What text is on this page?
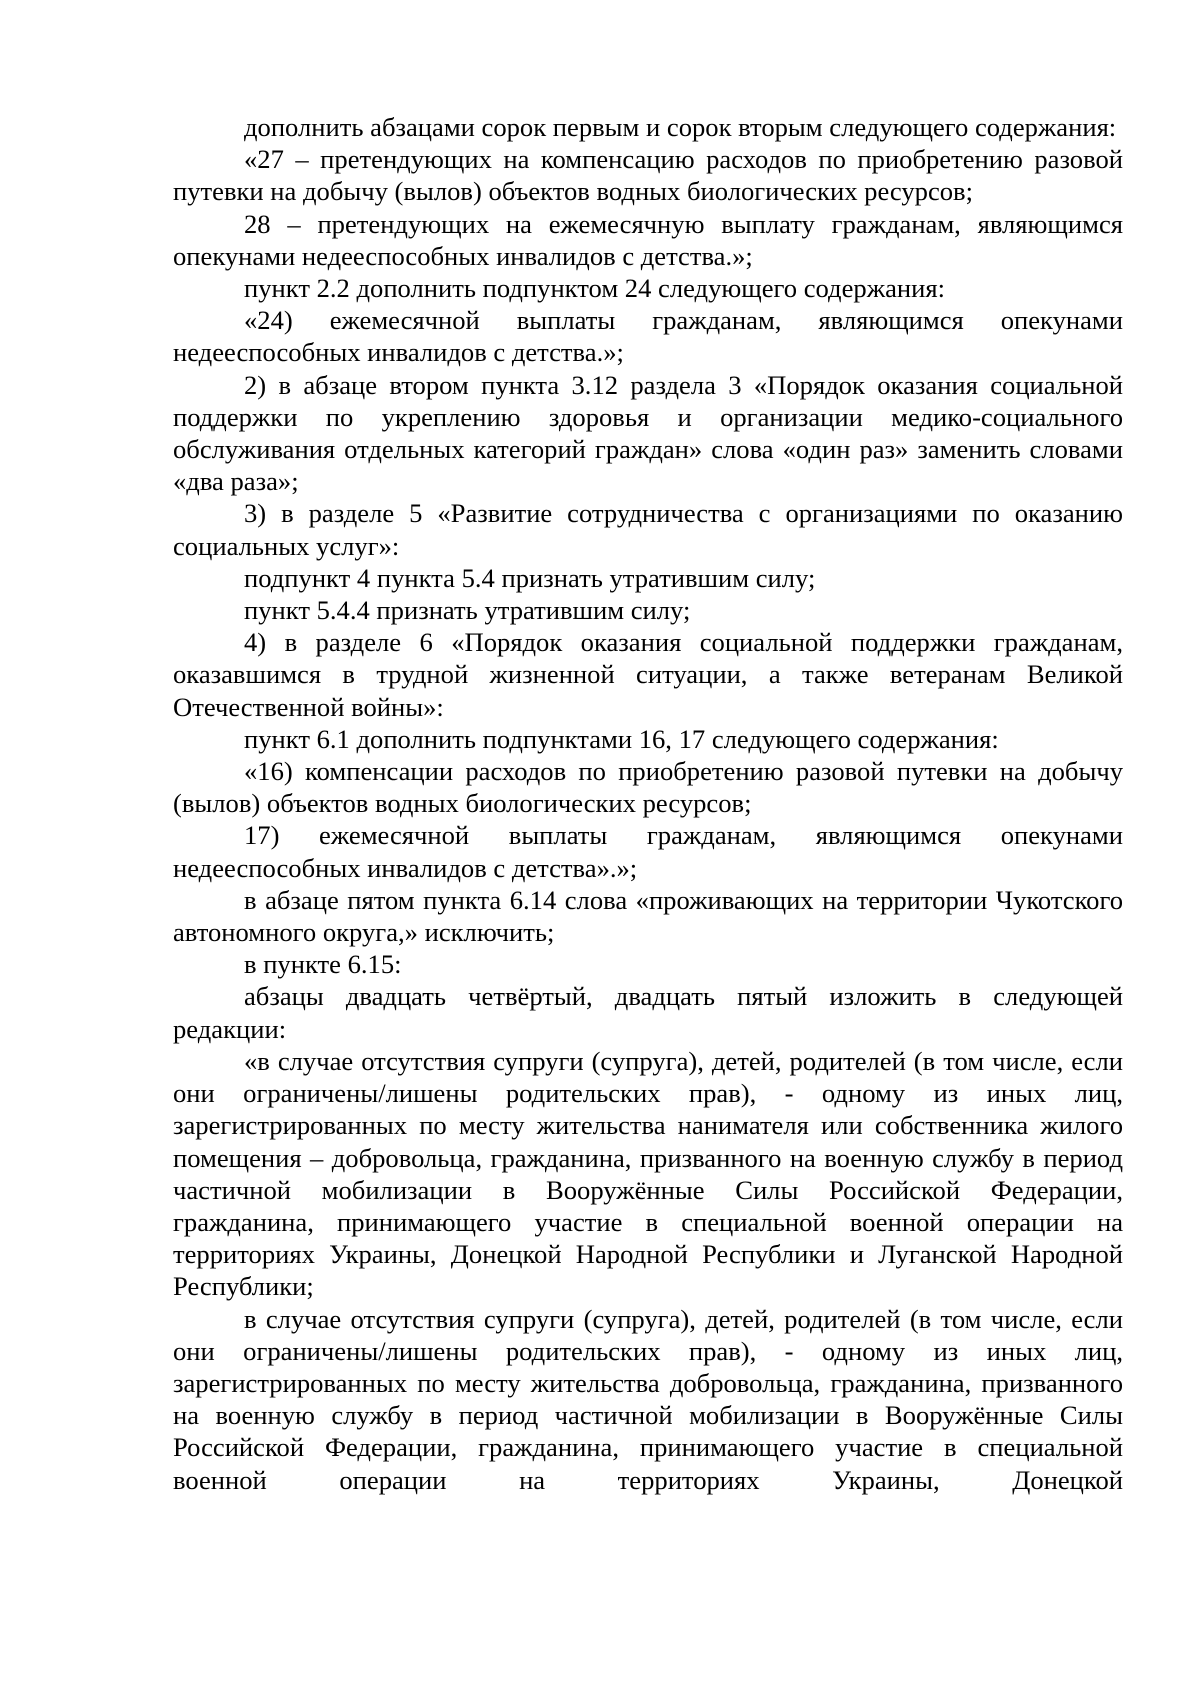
дополнить абзацами сорок первым и сорок вторым следующего содержания:

«27 – претендующих на компенсацию расходов по приобретению разовой путевки на добычу (вылов) объектов водных биологических ресурсов;

28 – претендующих на ежемесячную выплату гражданам, являющимся опекунами недееспособных инвалидов с детства.»;

пункт 2.2 дополнить подпунктом 24 следующего содержания:

«24) ежемесячной выплаты гражданам, являющимся опекунами недееспособных инвалидов с детства.»;

2) в абзаце втором пункта 3.12 раздела 3 «Порядок оказания социальной поддержки по укреплению здоровья и организации медико-социального обслуживания отдельных категорий граждан» слова «один раз» заменить словами «два раза»;

3) в разделе 5 «Развитие сотрудничества с организациями по оказанию социальных услуг»:

подпункт 4 пункта 5.4 признать утратившим силу;

пункт 5.4.4 признать утратившим силу;

4) в разделе 6 «Порядок оказания социальной поддержки гражданам, оказавшимся в трудной жизненной ситуации, а также ветеранам Великой Отечественной войны»:

пункт 6.1 дополнить подпунктами 16, 17 следующего содержания:

«16) компенсации расходов по приобретению разовой путевки на добычу (вылов) объектов водных биологических ресурсов;

17) ежемесячной выплаты гражданам, являющимся опекунами недееспособных инвалидов с детства».»;

в абзаце пятом пункта 6.14 слова «проживающих на территории Чукотского автономного округа,» исключить;

в пункте 6.15:

абзацы двадцать четвёртый, двадцать пятый изложить в следующей редакции:

«в случае отсутствия супруги (супруга), детей, родителей (в том числе, если они ограничены/лишены родительских прав), - одному из иных лиц, зарегистрированных по месту жительства нанимателя или собственника жилого помещения – добровольца, гражданина, призванного на военную службу в период частичной мобилизации в Вооружённые Силы Российской Федерации, гражданина, принимающего участие в специальной военной операции на территориях Украины, Донецкой Народной Республики и Луганской Народной Республики;

в случае отсутствия супруги (супруга), детей, родителей (в том числе, если они ограничены/лишены родительских прав), - одному из иных лиц, зарегистрированных по месту жительства добровольца, гражданина, призванного на военную службу в период частичной мобилизации в Вооружённые Силы Российской Федерации, гражданина, принимающего участие в специальной военной операции на территориях Украины, Донецкой
